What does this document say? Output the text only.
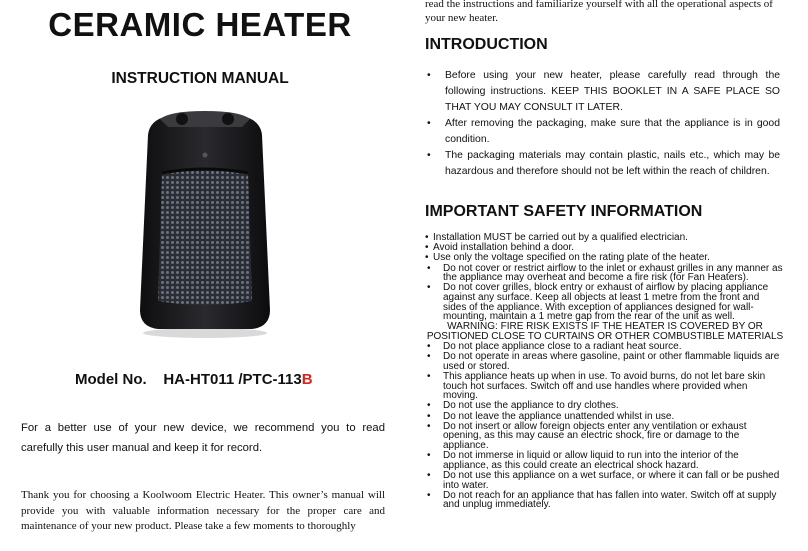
CERAMIC HEATER
INSTRUCTION MANUAL
Model No. HA-HT011 /PTC-113B
For a better use of your new device, we recommend you to read carefully this user manual and keep it for record.
Thank you for choosing a Koolwoom Electric Heater. This owner’s manual will provide you with valuable information necessary for the proper care and maintenance of your new product. Please take a few moments to thoroughly
read the instructions and familiarize yourself with all the operational aspects of your new heater.
INTRODUCTION
• Before using your new heater, please carefully read through the following instructions. KEEP THIS BOOKLET IN A SAFE PLACE SO THAT YOU MAY CONSULT IT LATER.
• After removing the packaging, make sure that the appliance is in good condition.
• The packaging materials may contain plastic, nails etc., which may be hazardous and therefore should not be left within the reach of children.
IMPORTANT SAFETY INFORMATION
• Installation MUST be carried out by a qualified electrician.
• Avoid installation behind a door.
• Use only the voltage specified on the rating plate of the heater.
• Do not cover or restrict airflow to the inlet or exhaust grilles in any manner as the appliance may overheat and become a fire risk (for Fan Heaters).
• Do not cover grilles, block entry or exhaust of airflow by placing appliance against any surface. Keep all objects at least 1 metre from the front and sides of the appliance. With exception of appliances designed for wall-mounting, maintain a 1 metre gap from the rear of the unit as well.
WARNING: FIRE RISK EXISTS IF THE HEATER IS COVERED BY OR POSITIONED CLOSE TO CURTAINS OR OTHER COMBUSTIBLE MATERIALS
• Do not place appliance close to a radiant heat source.
• Do not operate in areas where gasoline, paint or other flammable liquids are used or stored.
• This appliance heats up when in use. To avoid burns, do not let bare skin touch hot surfaces. Switch off and use handles where provided when moving.
• Do not use the appliance to dry clothes.
• Do not leave the appliance unattended whilst in use.
• Do not insert or allow foreign objects enter any ventilation or exhaust opening, as this may cause an electric shock, fire or damage to the appliance.
• Do not immerse in liquid or allow liquid to run into the interior of the appliance, as this could create an electrical shock hazard.
• Do not use this appliance on a wet surface, or where it can fall or be pushed into water.
• Do not reach for an appliance that has fallen into water. Switch off at supply and unplug immediately.
